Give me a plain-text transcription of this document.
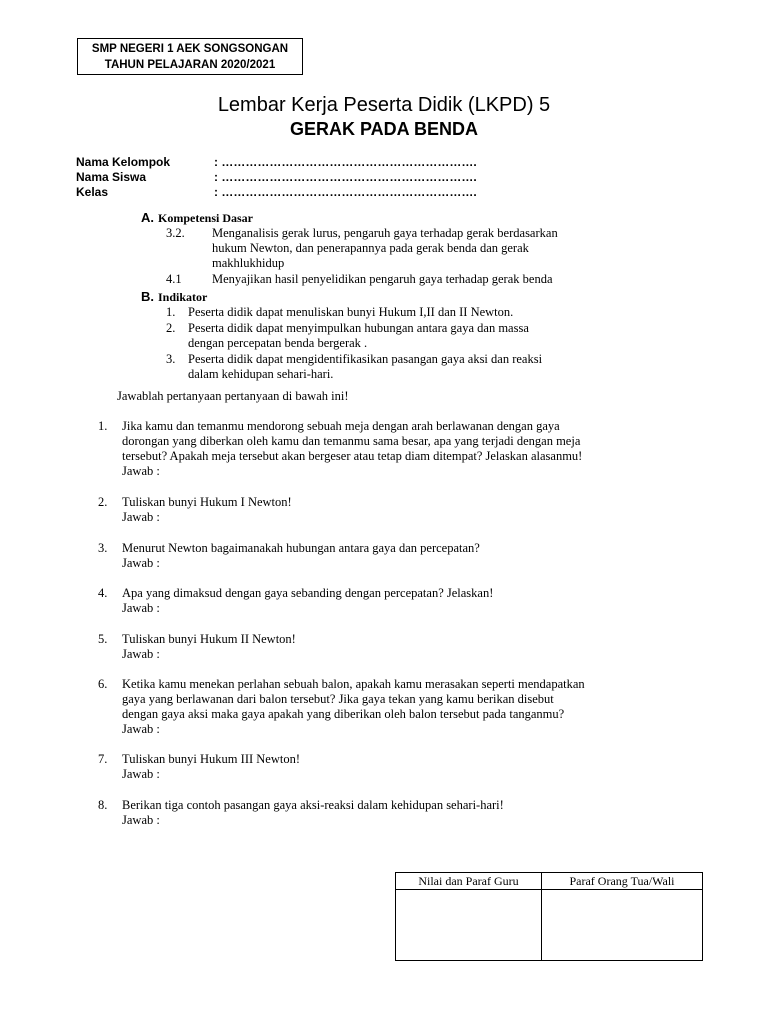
SMP NEGERI 1 AEK SONGSONGAN
TAHUN PELAJARAN 2020/2021
Lembar Kerja Peserta Didik (LKPD) 5
GERAK PADA BENDA
Nama Kelompok	: ……………………………………………………….
Nama Siswa	: ……………………………………………………….
Kelas	: ……………………………………………………….
A. Kompetensi Dasar
3.2. Menganalisis gerak lurus, pengaruh gaya terhadap gerak berdasarkan
hukum Newton, dan penerapannya pada gerak benda dan gerak
makhlukhidup
4.1 Menyajikan hasil penyelidikan pengaruh gaya terhadap gerak benda
B. Indikator
1. Peserta didik dapat menuliskan bunyi Hukum I,II dan II Newton.
2. Peserta didik dapat menyimpulkan hubungan antara gaya dan massa
dengan percepatan benda bergerak .
3. Peserta didik dapat mengidentifikasikan pasangan gaya aksi dan reaksi
dalam kehidupan sehari-hari.
Jawablah pertanyaan pertanyaan di bawah ini!
1. Jika kamu dan temanmu mendorong sebuah meja dengan arah berlawanan dengan gaya
dorongan yang diberkan oleh kamu dan temanmu sama besar, apa yang terjadi dengan meja
tersebut? Apakah meja tersebut akan bergeser atau tetap diam ditempat? Jelaskan alasanmu!
Jawab :
2. Tuliskan bunyi Hukum I Newton!
Jawab :
3. Menurut Newton bagaimanakah hubungan antara gaya dan percepatan?
Jawab :
4. Apa yang dimaksud dengan gaya sebanding dengan percepatan? Jelaskan!
Jawab :
5. Tuliskan bunyi Hukum II Newton!
Jawab :
6. Ketika kamu menekan perlahan sebuah balon, apakah kamu merasakan seperti mendapatkan
gaya yang berlawanan dari balon tersebut? Jika gaya tekan yang kamu berikan disebut
dengan gaya aksi maka gaya apakah yang diberikan oleh balon tersebut pada tanganmu?
Jawab :
7. Tuliskan bunyi Hukum III Newton!
Jawab :
8. Berikan tiga contoh pasangan gaya aksi-reaksi dalam kehidupan sehari-hari!
Jawab :
Nilai dan Paraf Guru	Paraf Orang Tua/Wali
